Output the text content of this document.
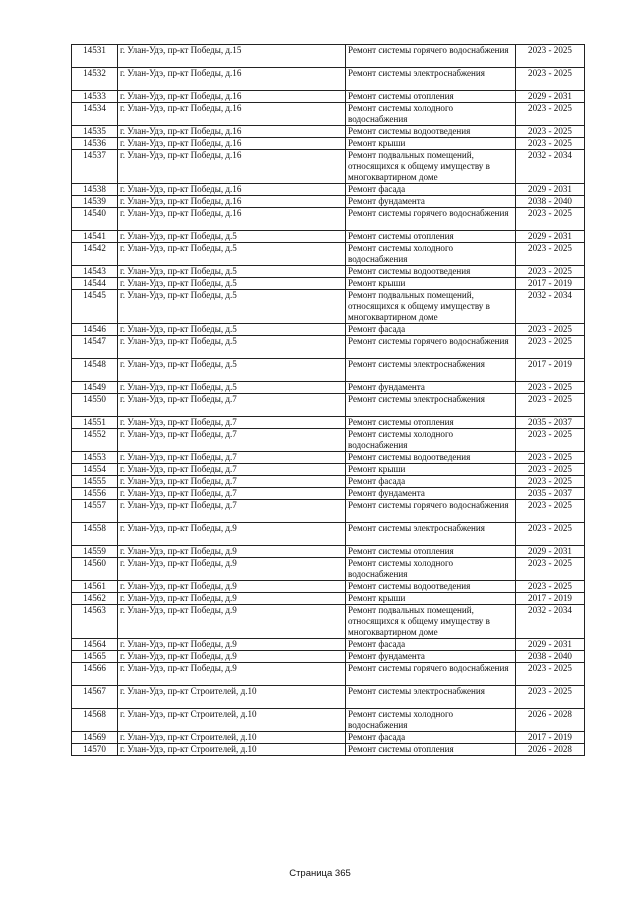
14531	г. Улан-Удэ, пр-кт Победы, д.15	Ремонт системы горячего водоснабжения	2023 - 2025
14532	г. Улан-Удэ, пр-кт Победы, д.16	Ремонт системы электроснабжения	2023 - 2025
14533	г. Улан-Удэ, пр-кт Победы, д.16	Ремонт системы отопления	2029 - 2031
14534	г. Улан-Удэ, пр-кт Победы, д.16	Ремонт системы холодного водоснабжения	2023 - 2025
14535	г. Улан-Удэ, пр-кт Победы, д.16	Ремонт системы водоотведения	2023 - 2025
14536	г. Улан-Удэ, пр-кт Победы, д.16	Ремонт крыши	2023 - 2025
14537	г. Улан-Удэ, пр-кт Победы, д.16	Ремонт подвальных помещений, относящихся к общему имуществу в многоквартирном доме	2032 - 2034
14538	г. Улан-Удэ, пр-кт Победы, д.16	Ремонт фасада	2029 - 2031
14539	г. Улан-Удэ, пр-кт Победы, д.16	Ремонт фундамента	2038 - 2040
14540	г. Улан-Удэ, пр-кт Победы, д.16	Ремонт системы горячего водоснабжения	2023 - 2025
14541	г. Улан-Удэ, пр-кт Победы, д.5	Ремонт системы отопления	2029 - 2031
14542	г. Улан-Удэ, пр-кт Победы, д.5	Ремонт системы холодного водоснабжения	2023 - 2025
14543	г. Улан-Удэ, пр-кт Победы, д.5	Ремонт системы водоотведения	2023 - 2025
14544	г. Улан-Удэ, пр-кт Победы, д.5	Ремонт крыши	2017 - 2019
14545	г. Улан-Удэ, пр-кт Победы, д.5	Ремонт подвальных помещений, относящихся к общему имуществу в многоквартирном доме	2032 - 2034
14546	г. Улан-Удэ, пр-кт Победы, д.5	Ремонт фасада	2023 - 2025
14547	г. Улан-Удэ, пр-кт Победы, д.5	Ремонт системы горячего водоснабжения	2023 - 2025
14548	г. Улан-Удэ, пр-кт Победы, д.5	Ремонт системы электроснабжения	2017 - 2019
14549	г. Улан-Удэ, пр-кт Победы, д.5	Ремонт фундамента	2023 - 2025
14550	г. Улан-Удэ, пр-кт Победы, д.7	Ремонт системы электроснабжения	2023 - 2025
14551	г. Улан-Удэ, пр-кт Победы, д.7	Ремонт системы отопления	2035 - 2037
14552	г. Улан-Удэ, пр-кт Победы, д.7	Ремонт системы холодного водоснабжения	2023 - 2025
14553	г. Улан-Удэ, пр-кт Победы, д.7	Ремонт системы водоотведения	2023 - 2025
14554	г. Улан-Удэ, пр-кт Победы, д.7	Ремонт крыши	2023 - 2025
14555	г. Улан-Удэ, пр-кт Победы, д.7	Ремонт фасада	2023 - 2025
14556	г. Улан-Удэ, пр-кт Победы, д.7	Ремонт фундамента	2035 - 2037
14557	г. Улан-Удэ, пр-кт Победы, д.7	Ремонт системы горячего водоснабжения	2023 - 2025
14558	г. Улан-Удэ, пр-кт Победы, д.9	Ремонт системы электроснабжения	2023 - 2025
14559	г. Улан-Удэ, пр-кт Победы, д.9	Ремонт системы отопления	2029 - 2031
14560	г. Улан-Удэ, пр-кт Победы, д.9	Ремонт системы холодного водоснабжения	2023 - 2025
14561	г. Улан-Удэ, пр-кт Победы, д.9	Ремонт системы водоотведения	2023 - 2025
14562	г. Улан-Удэ, пр-кт Победы, д.9	Ремонт крыши	2017 - 2019
14563	г. Улан-Удэ, пр-кт Победы, д.9	Ремонт подвальных помещений, относящихся к общему имуществу в многоквартирном доме	2032 - 2034
14564	г. Улан-Удэ, пр-кт Победы, д.9	Ремонт фасада	2029 - 2031
14565	г. Улан-Удэ, пр-кт Победы, д.9	Ремонт фундамента	2038 - 2040
14566	г. Улан-Удэ, пр-кт Победы, д.9	Ремонт системы горячего водоснабжения	2023 - 2025
14567	г. Улан-Удэ, пр-кт Строителей, д.10	Ремонт системы электроснабжения	2023 - 2025
14568	г. Улан-Удэ, пр-кт Строителей, д.10	Ремонт системы холодного водоснабжения	2026 - 2028
14569	г. Улан-Удэ, пр-кт Строителей, д.10	Ремонт фасада	2017 - 2019
14570	г. Улан-Удэ, пр-кт Строителей, д.10	Ремонт системы отопления	2026 - 2028
Страница 365
